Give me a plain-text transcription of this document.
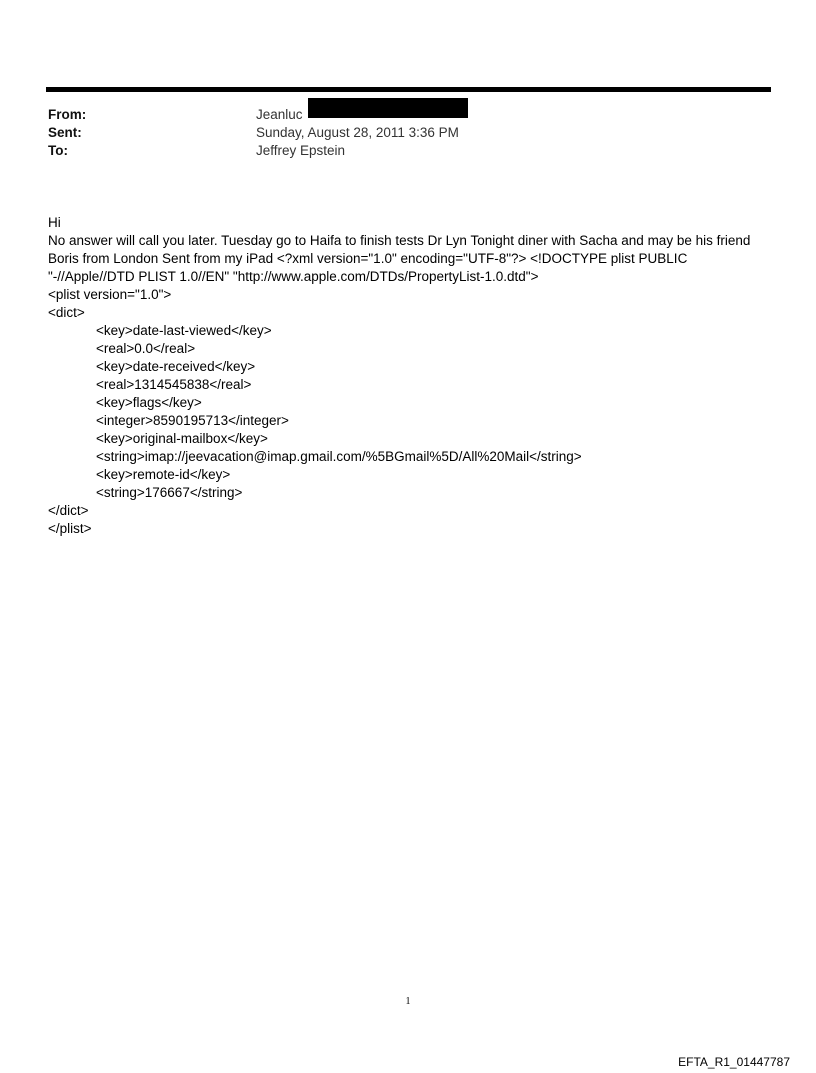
From:	Jeanluc
Sent:	Sunday, August 28, 2011 3:36 PM
To:	Jeffrey Epstein

Hi

No answer will call you later. Tuesday go to Haifa to finish tests Dr Lyn Tonight diner with Sacha and may be his friend Boris from London Sent from my iPad <?xml version="1.0" encoding="UTF-8"?> <!DOCTYPE plist PUBLIC "-//Apple//DTD PLIST 1.0//EN" "http://www.apple.com/DTDs/PropertyList-1.0.dtd">

<plist version="1.0">

<dict>

<key>date-last-viewed</key>

<real>0.0</real>

<key>date-received</key>

<real>1314545838</real>

<key>flags</key>

<integer>8590195713</integer>

<key>original-mailbox</key>

<string>imap://jeevacation@imap.gmail.com/%5BGmail%5D/All%20Mail</string>

<key>remote-id</key>

<string>176667</string>

</dict>

</plist>

1
EFTA_R1_01447787
